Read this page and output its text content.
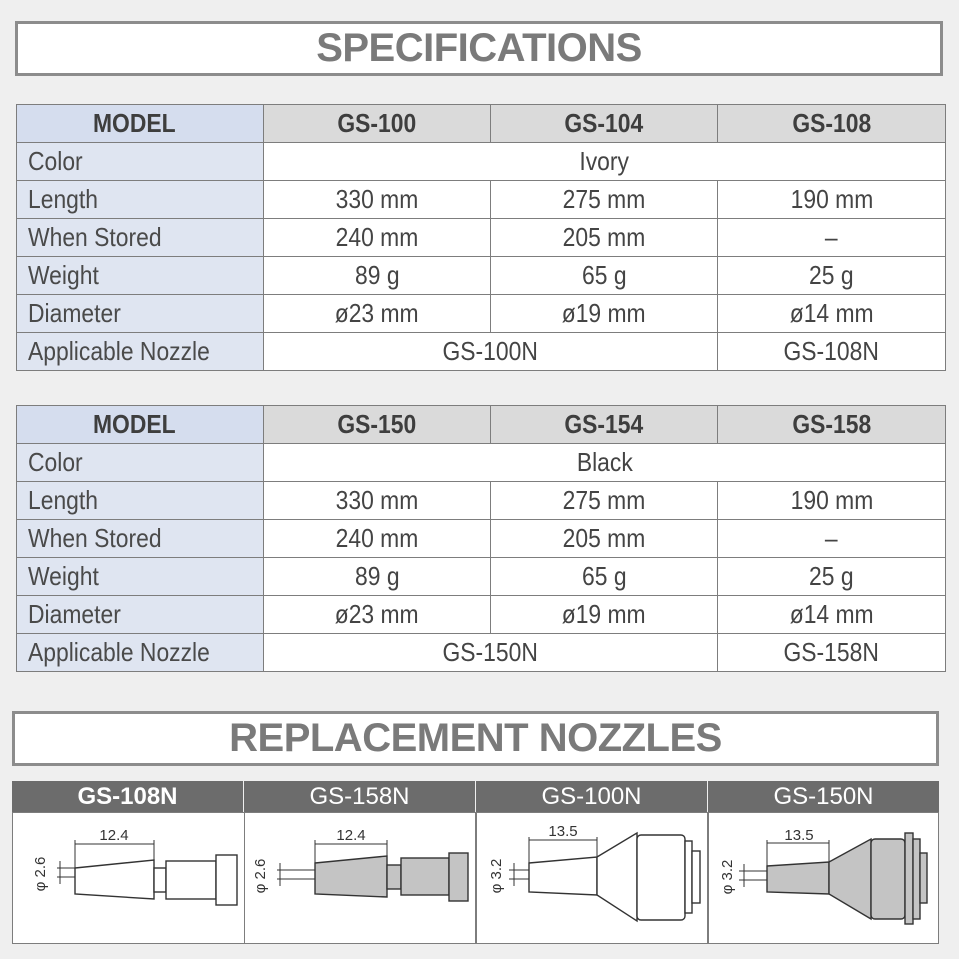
SPECIFICATIONS
MODEL	GS-100	GS-104	GS-108
Color	Ivory		
Length	330 mm	275 mm	190 mm
When Stored	240 mm	205 mm	–
Weight	89 g	65 g	25 g
Diameter	ø23 mm	ø19 mm	ø14 mm
Applicable Nozzle	GS-100N		GS-108N
MODEL	GS-150	GS-154	GS-158
Color	Black		
Length	330 mm	275 mm	190 mm
When Stored	240 mm	205 mm	–
Weight	89 g	65 g	25 g
Diameter	ø23 mm	ø19 mm	ø14 mm
Applicable Nozzle	GS-150N		GS-158N
REPLACEMENT NOZZLES
GS-108N	GS-158N	GS-100N	GS-150N
12.4
φ 2.6
12.4
φ 2.6
13.5
φ 3.2
13.5
φ 3.2
